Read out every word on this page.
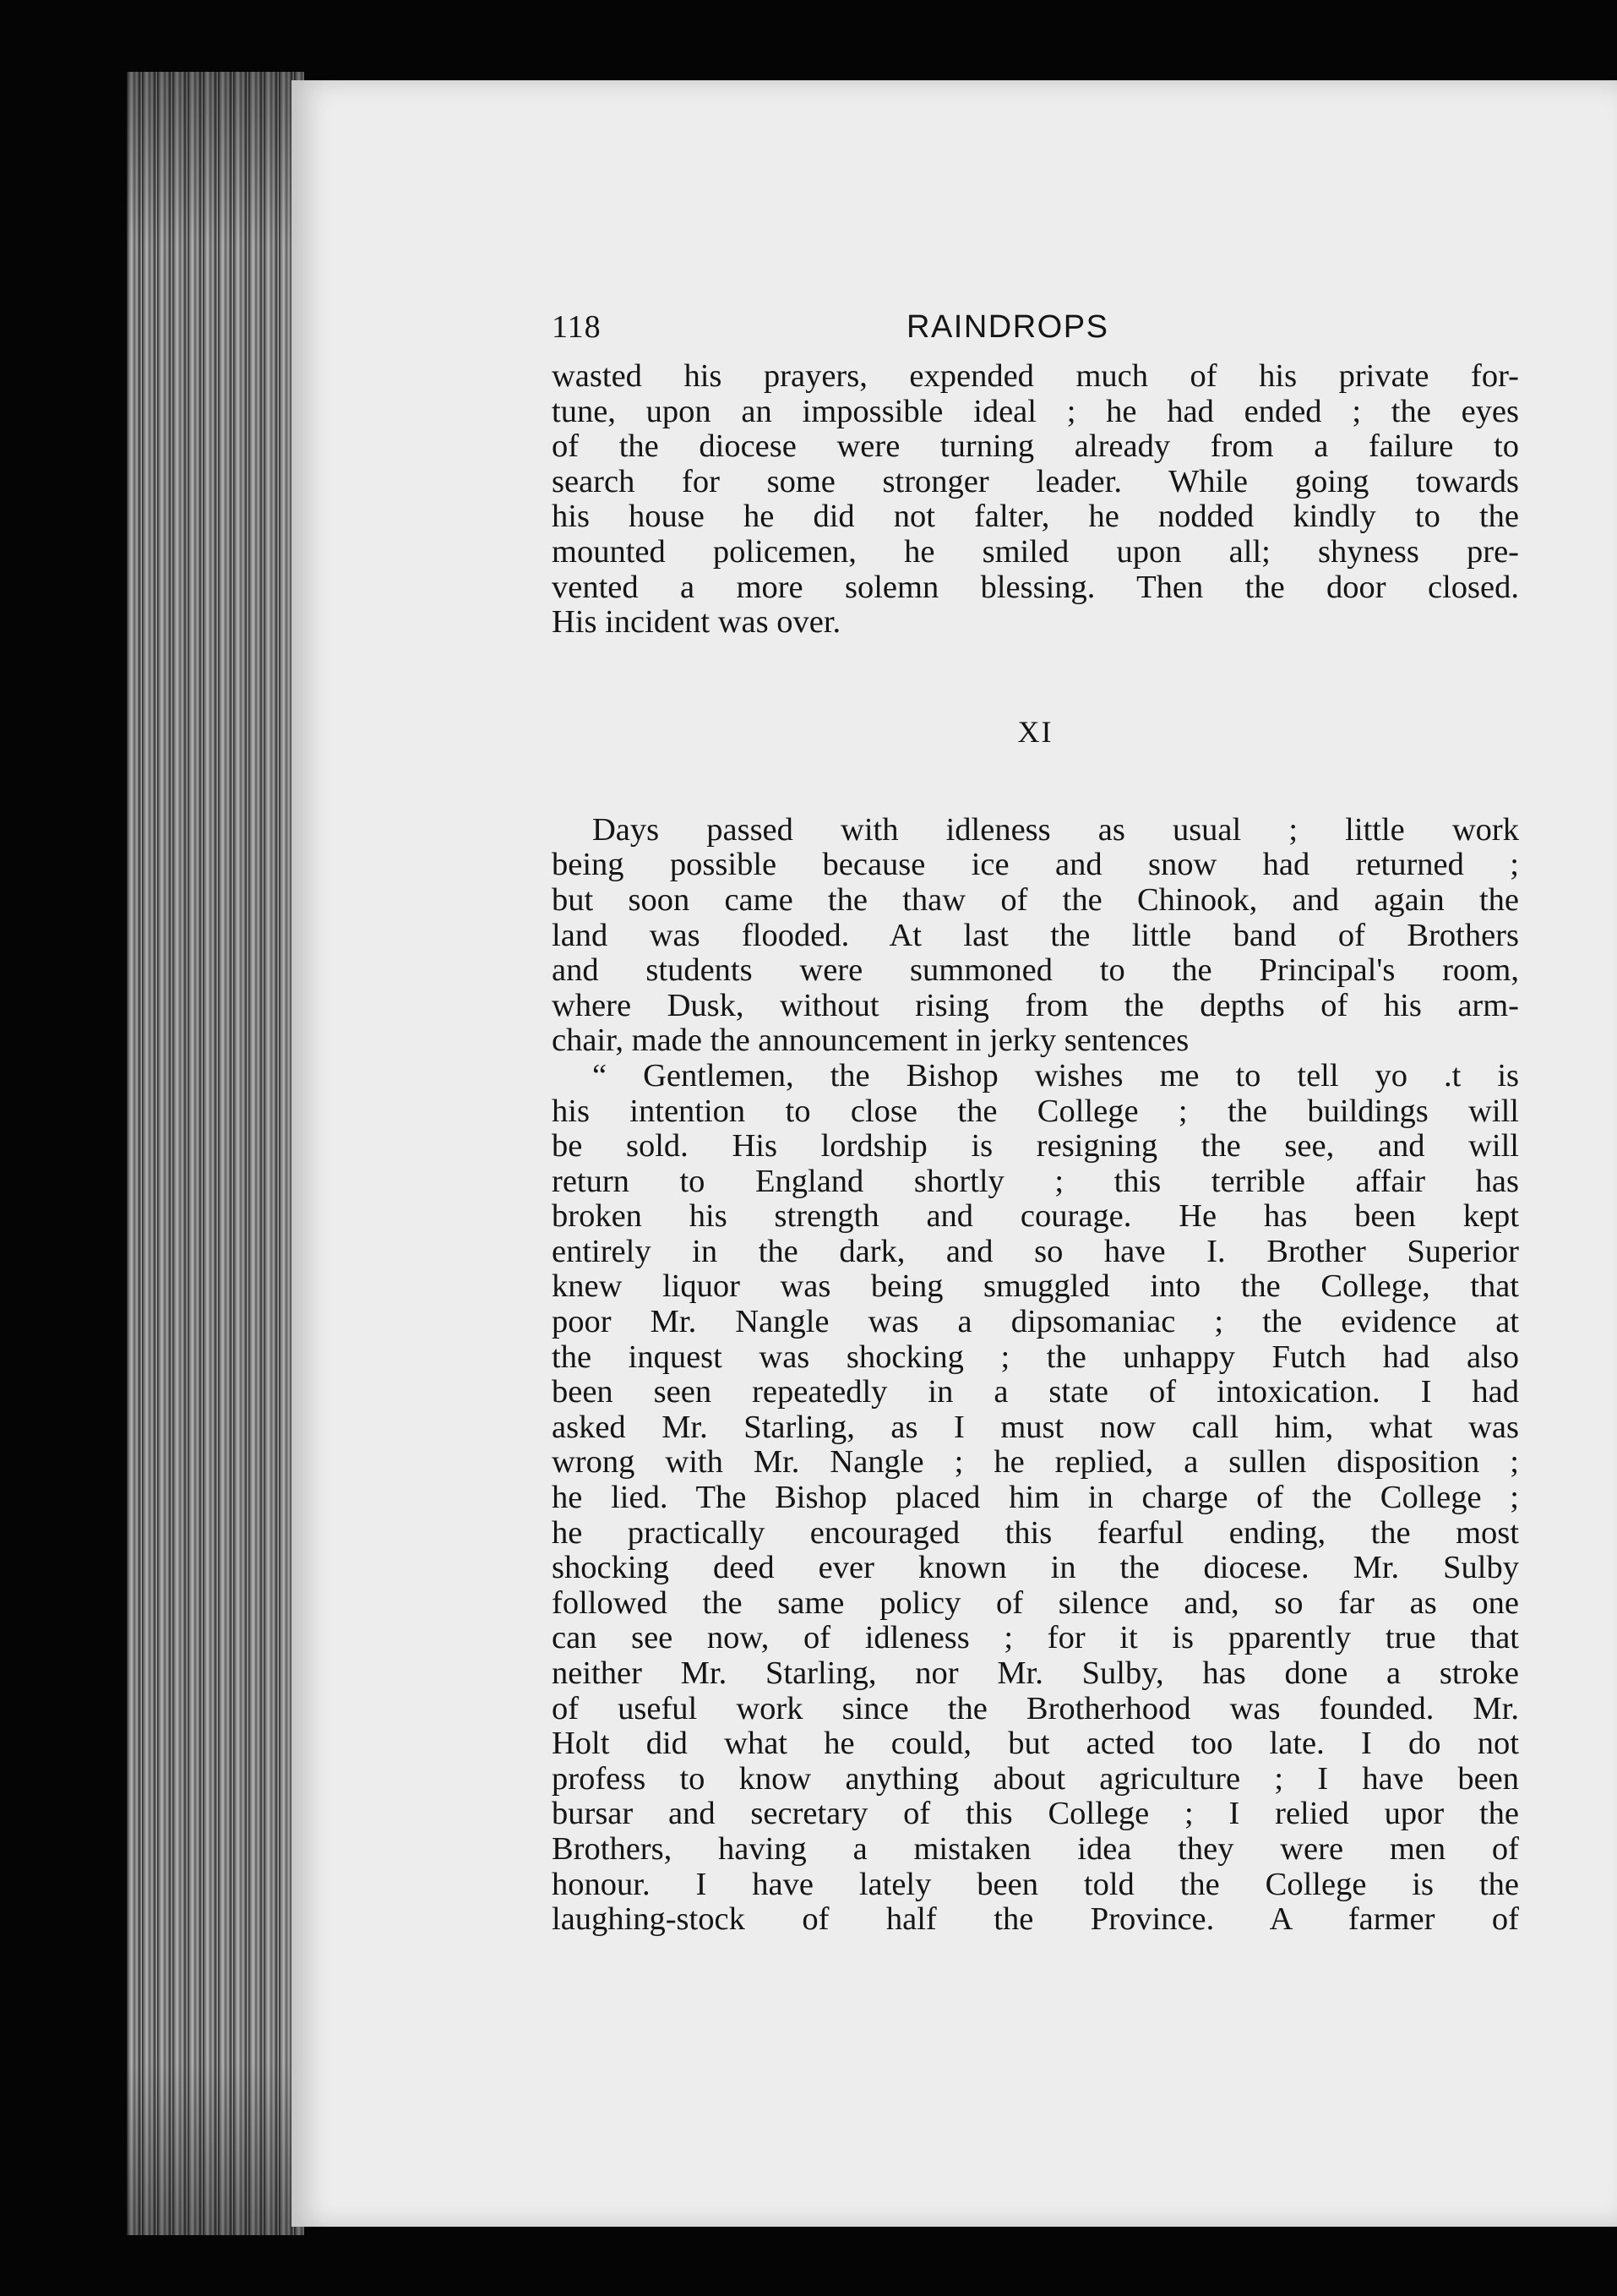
118	RAINDROPS
wasted his prayers, expended much of his private for-
tune, upon an impossible ideal ; he had ended ; the eyes
of the diocese were turning already from a failure to
search for some stronger leader. While going towards
his house he did not falter, he nodded kindly to the
mounted policemen, he smiled upon all; shyness pre-
vented a more solemn blessing. Then the door closed.
His incident was over.
XI
Days passed with idleness as usual ; little work
being possible because ice and snow had returned ;
but soon came the thaw of the Chinook, and again the
land was flooded. At last the little band of Brothers
and students were summoned to the Principal's room,
where Dusk, without rising from the depths of his arm-
chair, made the announcement in jerky sentences
“ Gentlemen, the Bishop wishes me to tell yo .t is
his intention to close the College ; the buildings will
be sold. His lordship is resigning the see, and will
return to England shortly ; this terrible affair has
broken his strength and courage. He has been kept
entirely in the dark, and so have I. Brother Superior
knew liquor was being smuggled into the College, that
poor Mr. Nangle was a dipsomaniac ; the evidence at
the inquest was shocking ; the unhappy Futch had also
been seen repeatedly in a state of intoxication. I had
asked Mr. Starling, as I must now call him, what was
wrong with Mr. Nangle ; he replied, a sullen disposition ;
he lied. The Bishop placed him in charge of the College ;
he practically encouraged this fearful ending, the most
shocking deed ever known in the diocese. Mr. Sulby
followed the same policy of silence and, so far as one
can see now, of idleness ; for it is pparently true that
neither Mr. Starling, nor Mr. Sulby, has done a stroke
of useful work since the Brotherhood was founded. Mr.
Holt did what he could, but acted too late. I do not
profess to know anything about agriculture ; I have been
bursar and secretary of this College ; I relied upor the
Brothers, having a mistaken idea they were men of
honour. I have lately been told the College is the
laughing-stock of half the Province. A farmer of
